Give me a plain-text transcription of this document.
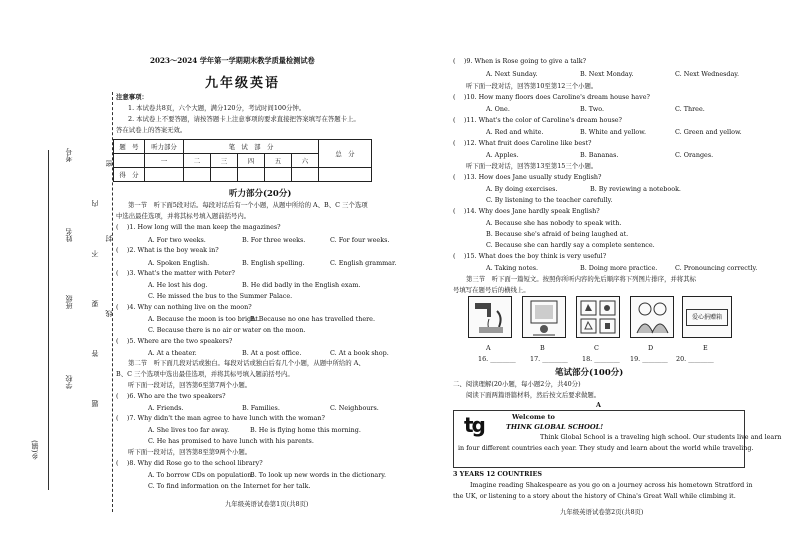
考号
姓名
班级
学校
乡(镇)
密
封
线
内
不
要
答
题
2023～2024 学年第一学期期末教学质量检测试卷
九年级英语
注意事项：
1. 本试卷共8页，六个大题，满分120分，考试时间100分钟。
2. 本试卷上不要答题，请按答题卡上注意事项的要求直接把答案填写在答题卡上。
答在试卷上的答案无效。
题　号	听力部分	笔　试　部　分					总　分
	一	二	三	四	五	六	
得　分							
听力部分(20分)
第一节　听下面5段对话。每段对话后有一个小题，从题中所给的 A、B、C 三个选项
中选出最佳选项，并将其标号填入题前括号内。
( 　)1. How long will the man keep the magazines?
A. For two weeks.	B. For three weeks.	C. For four weeks.
( 　)2. What is the boy weak in?
A. Spoken English.	B. English spelling.	C. English grammar.
( 　)3. What's the matter with Peter?
A. He lost his dog.	B. He did badly in the English exam.
C. He missed the bus to the Summer Palace.
( 　)4. Why can nothing live on the moon?
A. Because the moon is too bright.
B. Because no one has travelled there.
C. Because there is no air or water on the moon.
( 　)5. Where are the two speakers?
A. At a theater.	B. At a post office.	C. At a book shop.
第二节　听下面几段对话或独白。每段对话或独白后有几个小题，从题中所给的 A、
B、C 三个选项中选出最佳选项，并将其标号填入题前括号内。
听下面一段对话，回答第6至第7两个小题。
( 　)6. Who are the two speakers?
A. Friends.	B. Families.	C. Neighbours.
( 　)7. Why didn't the man agree to have lunch with the woman?
A. She lives too far away.	B. He is flying home this morning.
C. He has promised to have lunch with his parents.
听下面一段对话，回答第8至第9两个小题。
( 　)8. Why did Rose go to the school library?
A. To borrow CDs on population.
B. To look up new words in the dictionary.
C. To find information on the Internet for her talk.
九年级英语试卷第1页(共8页)
( 　)9. When is Rose going to give a talk?
A. Next Sunday.	B. Next Monday.	C. Next Wednesday.
听下面一段对话，回答第10至第12三个小题。
( 　)10. How many floors does Caroline's dream house have?
A. One.	B. Two.	C. Three.
( 　)11. What's the color of Caroline's dream house?
A. Red and white.	B. White and yellow.	C. Green and yellow.
( 　)12. What fruit does Caroline like best?
A. Apples.	B. Bananas.	C. Oranges.
听下面一段对话，回答第13至第15三个小题。
( 　)13. How does Jane usually study English?
A. By doing exercises.	B. By reviewing a notebook.
C. By listening to the teacher carefully.
( 　)14. Why does Jane hardly speak English?
A. Because she has nobody to speak with.
B. Because she's afraid of being laughed at.
C. Because she can hardly say a complete sentence.
( 　)15. What does the boy think is very useful?
A. Taking notes.	B. Doing more practice.	C. Pronouncing correctly.
第三节　听下面一篇短文。按照你所听内容的先后顺序将下列图片排序，并将其标
号填写在题号后的横线上。
爱心捐赠箱
A	B	C	D	E
16. ________ 17. ________ 18. ________ 19. ________ 20. ________
笔试部分(100分)
二、阅读理解(20小题，每小题2分，共40分)
阅读下面两篇语篇材料，然后按文后要求做题。
A
tg	Welcome to
THINK GLOBAL SCHOOL!
Think Global School is a traveling high school. Our students live and learn
in four different countries each year. They study and learn about the world while traveling.
3 YEARS 12 COUNTRIES
Imagine reading Shakespeare as you go on a journey across his hometown Stratford in
the UK, or listening to a story about the history of China's Great Wall while climbing it.
九年级英语试卷第2页(共8页)
